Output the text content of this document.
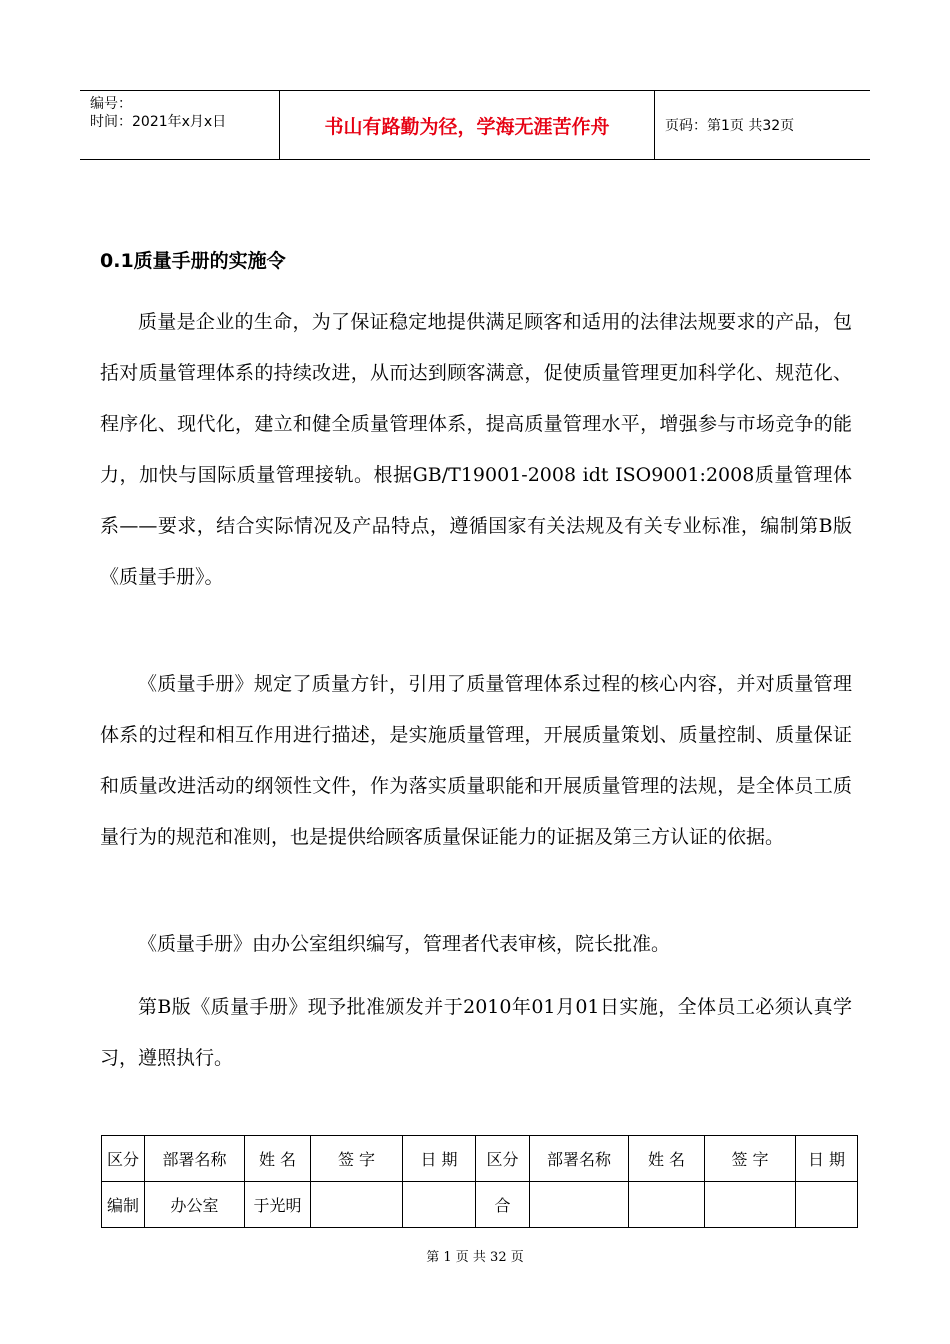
编号：
时间：2021年x月x日	书山有路勤为径，学海无涯苦作舟	页码：第1页 共32页
0.1质量手册的实施令

质量是企业的生命，为了保证稳定地提供满足顾客和适用的法律法规要求的产品，包括对质量管理体系的持续改进，从而达到顾客满意，促使质量管理更加科学化、规范化、程序化、现代化，建立和健全质量管理体系，提高质量管理水平，增强参与市场竞争的能力，加快与国际质量管理接轨。根据GB/T19001-2008 idt ISO9001:2008质量管理体系——要求，结合实际情况及产品特点，遵循国家有关法规及有关专业标准，编制第B版《质量手册》。

《质量手册》规定了质量方针，引用了质量管理体系过程的核心内容，并对质量管理体系的过程和相互作用进行描述，是实施质量管理，开展质量策划、质量控制、质量保证和质量改进活动的纲领性文件，作为落实质量职能和开展质量管理的法规，是全体员工质量行为的规范和准则，也是提供给顾客质量保证能力的证据及第三方认证的依据。

《质量手册》由办公室组织编写，管理者代表审核，院长批准。

第B版《质量手册》现予批准颁发并于2010年01月01日实施，全体员工必须认真学习，遵照执行。

区分	部署名称	姓 名	签 字	日 期	区分	部署名称	姓 名	签 字	日 期
编制	办公室	于光明			合				
第 1 页 共 32 页
